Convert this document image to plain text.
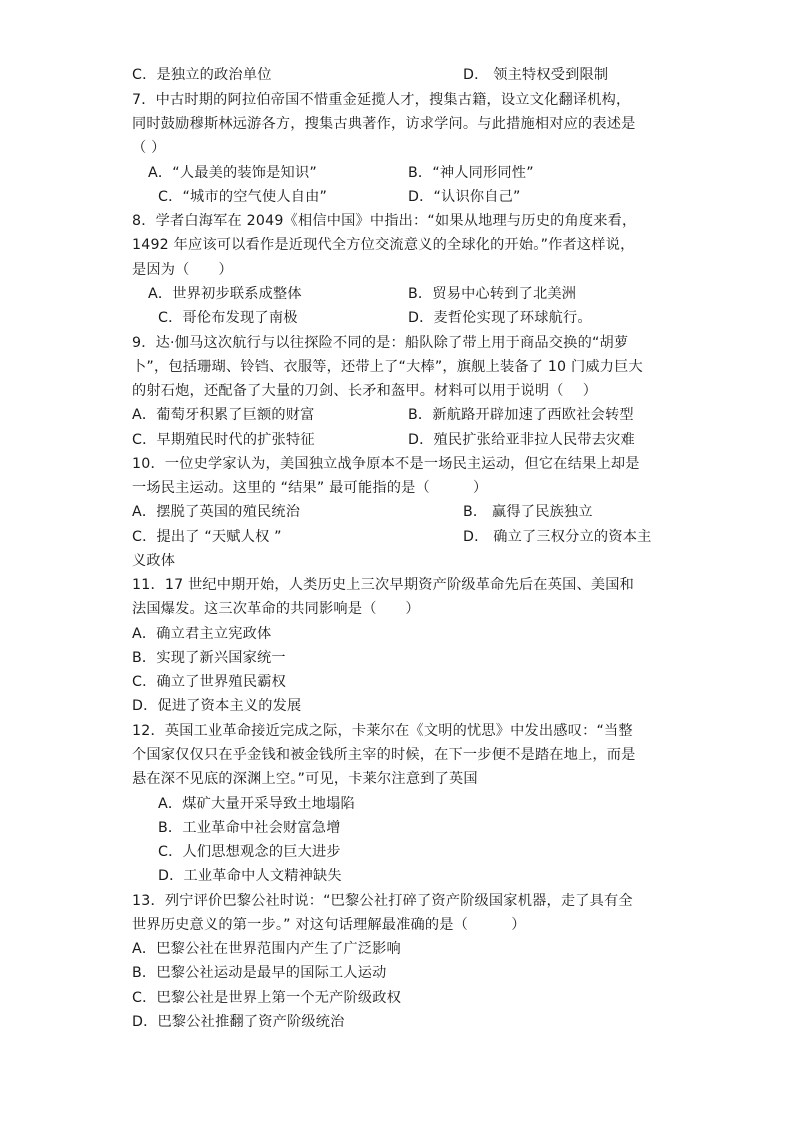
C．是独立的政治单位	D． 领主特权受到限制
7．中古时期的阿拉伯帝国不惜重金延揽人才，搜集古籍，设立文化翻译机构，
同时鼓励穆斯林远游各方，搜集古典著作，访求学问。与此措施相对应的表述是
（ ）
A．“人最美的装饰是知识”	B．“神人同形同性”
C．“城市的空气使人自由”	D．“认识你自己”
8．学者白海军在 2049《相信中国》中指出：“如果从地理与历史的角度来看，
1492 年应该可以看作是近现代全方位交流意义的全球化的开始。”作者这样说，
是因为（　　）
A．世界初步联系成整体	B．贸易中心转到了北美洲
C．哥伦布发现了南极	D．麦哲伦实现了环球航行。
9．达·伽马这次航行与以往探险不同的是：船队除了带上用于商品交换的“胡萝
卜”，包括珊瑚、铃铛、衣服等，还带上了“大棒”，旗舰上装备了 10 门威力巨大
的射石炮，还配备了大量的刀剑、长矛和盔甲。材料可以用于说明（　 ）
A．葡萄牙积累了巨额的财富	B．新航路开辟加速了西欧社会转型
C．早期殖民时代的扩张特征	D．殖民扩张给亚非拉人民带去灾难
10．一位史学家认为，美国独立战争原本不是一场民主运动，但它在结果上却是
一场民主运动。这里的 “结果” 最可能指的是（　　　）
A．摆脱了英国的殖民统治	B． 赢得了民族独立
C．提出了 “天赋人权 ”	D． 确立了三权分立的资本主
义政体
11．17 世纪中期开始，人类历史上三次早期资产阶级革命先后在英国、美国和
法国爆发。这三次革命的共同影响是（　　）
A．确立君主立宪政体
B．实现了新兴国家统一
C．确立了世界殖民霸权
D．促进了资本主义的发展
12．英国工业革命接近完成之际，卡莱尔在《文明的忧思》中发出感叹：“当整
个国家仅仅只在乎金钱和被金钱所主宰的时候，在下一步便不是踏在地上，而是
悬在深不见底的深渊上空。”可见，卡莱尔注意到了英国
A．煤矿大量开采导致土地塌陷
B．工业革命中社会财富急增
C．人们思想观念的巨大进步
D．工业革命中人文精神缺失
13．列宁评价巴黎公社时说：“巴黎公社打碎了资产阶级国家机器，走了具有全
世界历史意义的第一步。” 对这句话理解最准确的是（　　　）
A．巴黎公社在世界范围内产生了广泛影响
B．巴黎公社运动是最早的国际工人运动
C．巴黎公社是世界上第一个无产阶级政权
D．巴黎公社推翻了资产阶级统治
